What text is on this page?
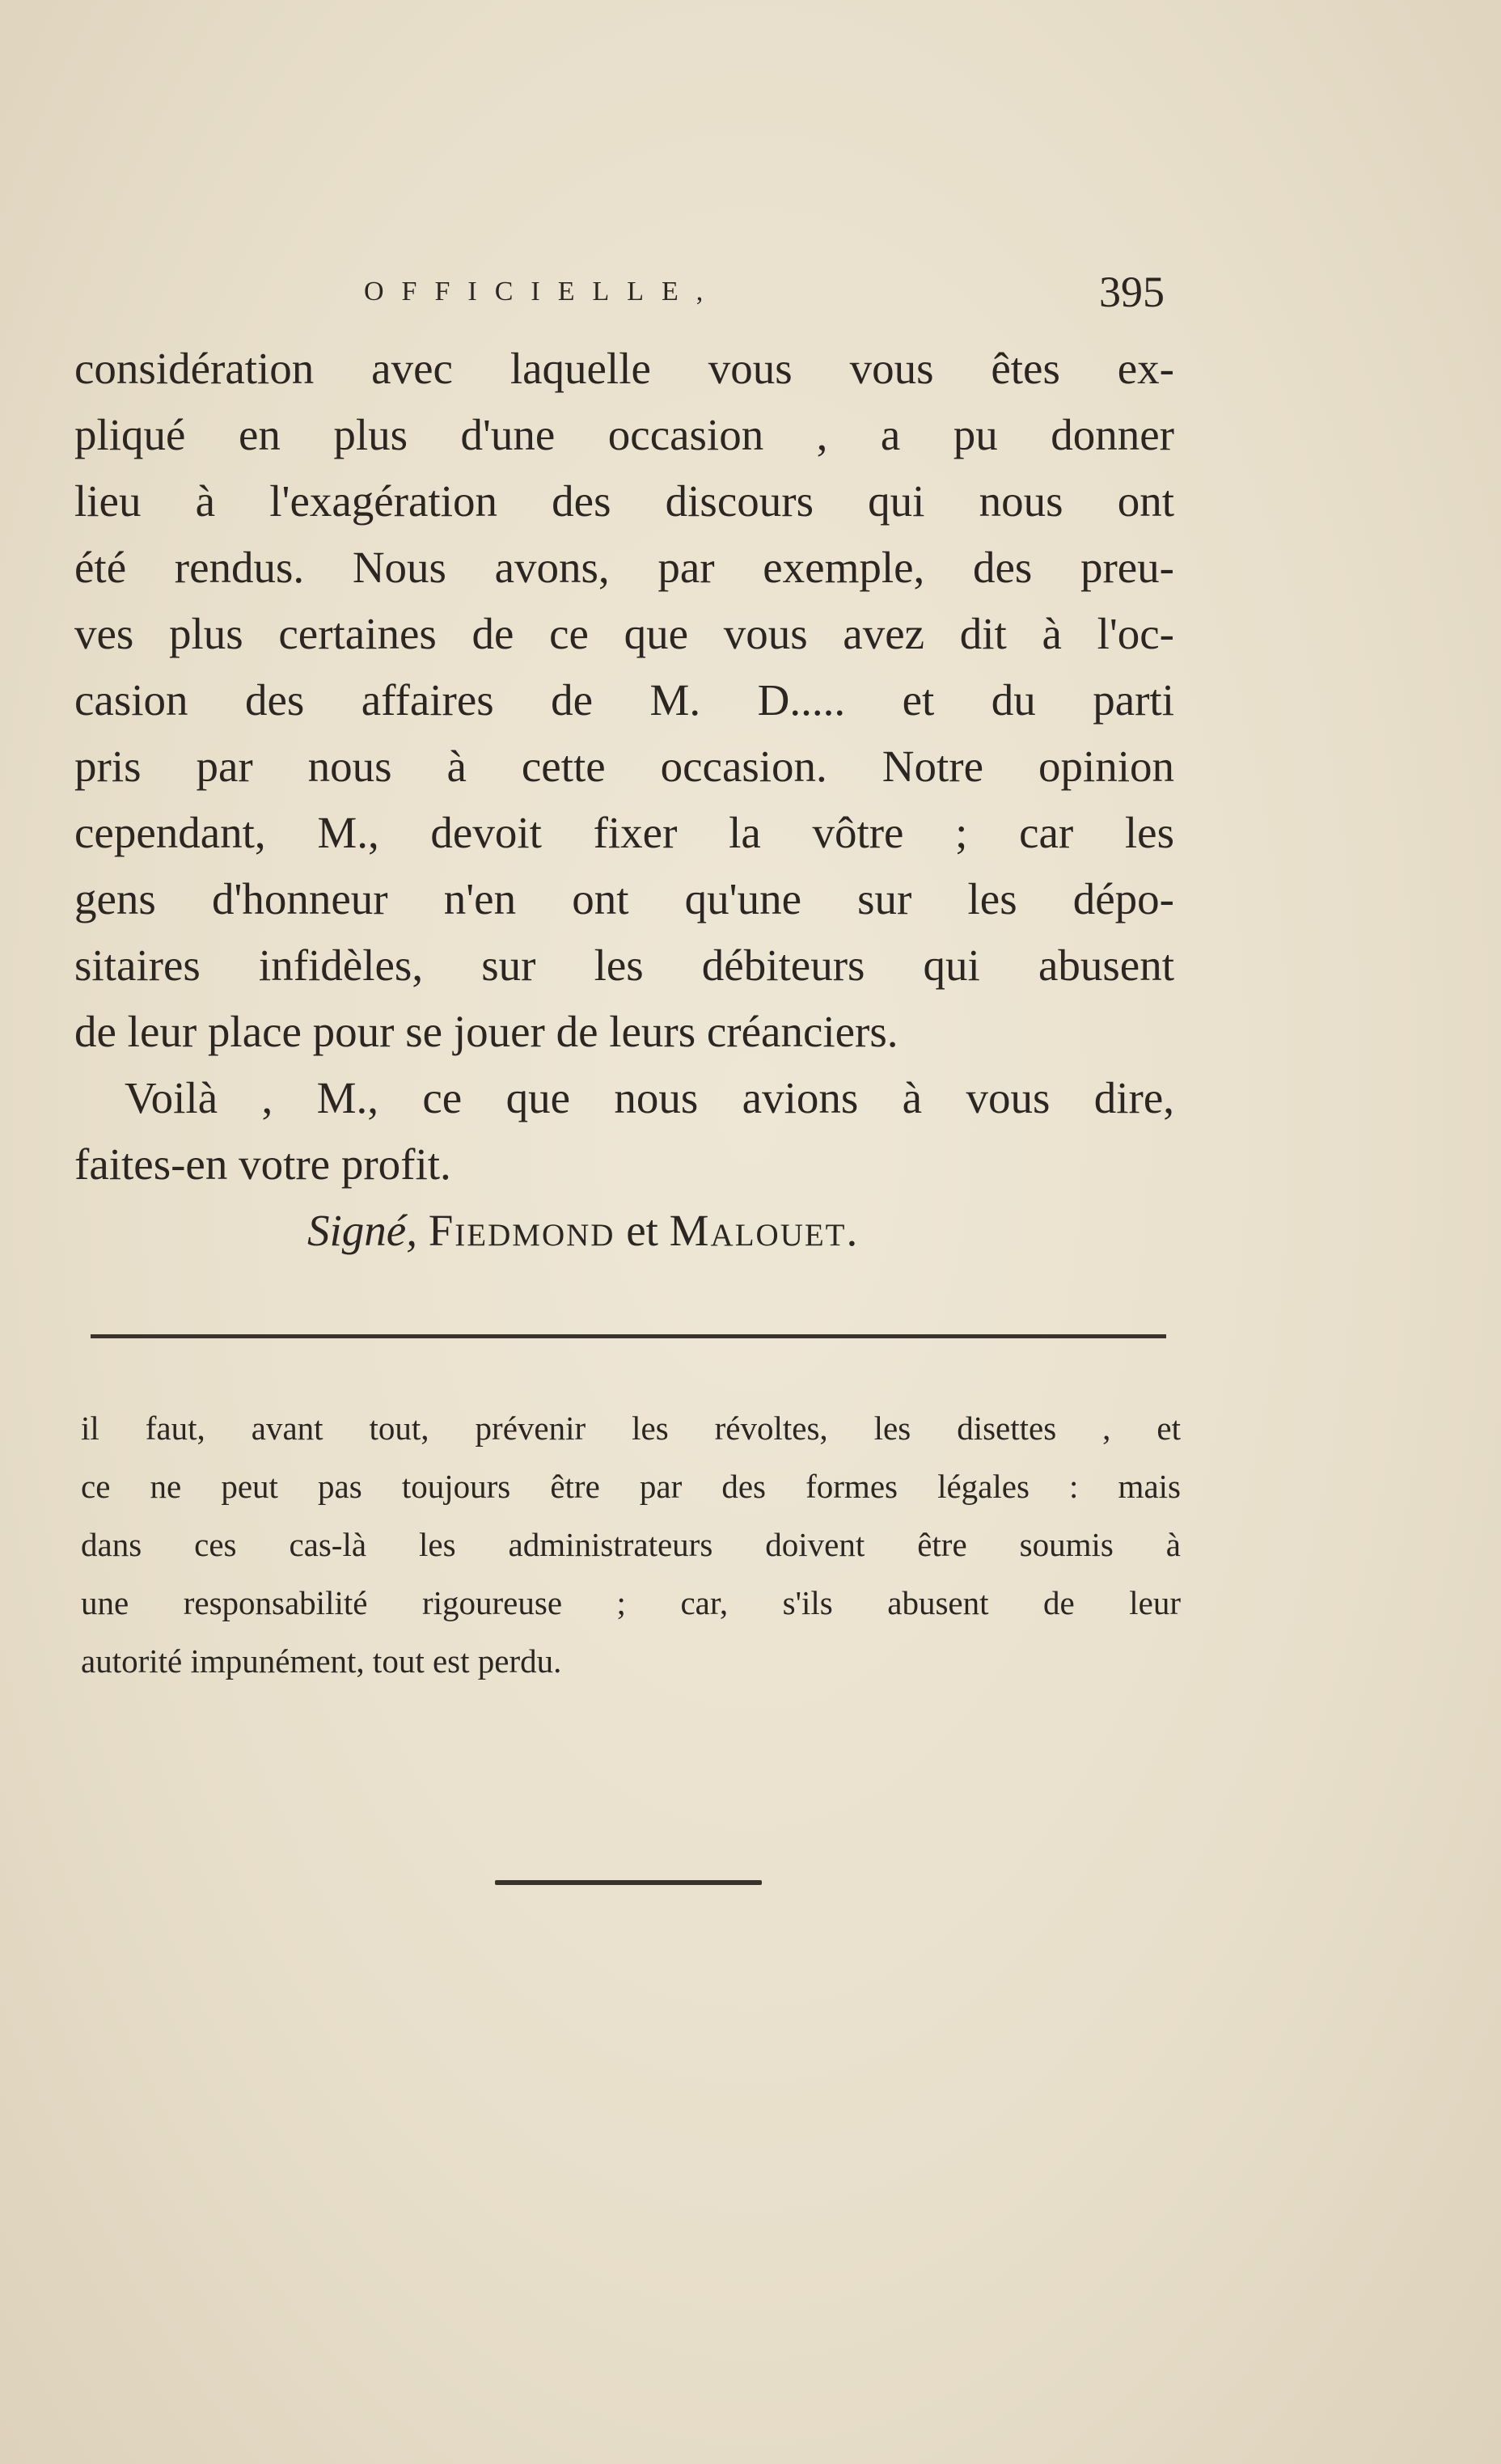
OFFICIELLE,	395
considération avec laquelle vous vous êtes ex-
pliqué en plus d'une occasion , a pu donner
lieu à l'exagération des discours qui nous ont
été rendus. Nous avons, par exemple, des preu-
ves plus certaines de ce que vous avez dit à l'oc-
casion des affaires de M. D..... et du parti
pris par nous à cette occasion. Notre opinion
cependant, M., devoit fixer la vôtre ; car les
gens d'honneur n'en ont qu'une sur les dépo-
sitaires infidèles, sur les débiteurs qui abusent
de leur place pour se jouer de leurs créanciers.
Voilà , M., ce que nous avions à vous dire,
faites-en votre profit.
Signé, Fiedmond et Malouet.
il faut, avant tout, prévenir les révoltes, les disettes , et
ce ne peut pas toujours être par des formes légales : mais
dans ces cas-là les administrateurs doivent être soumis à
une responsabilité rigoureuse ; car, s'ils abusent de leur
autorité impunément, tout est perdu.
